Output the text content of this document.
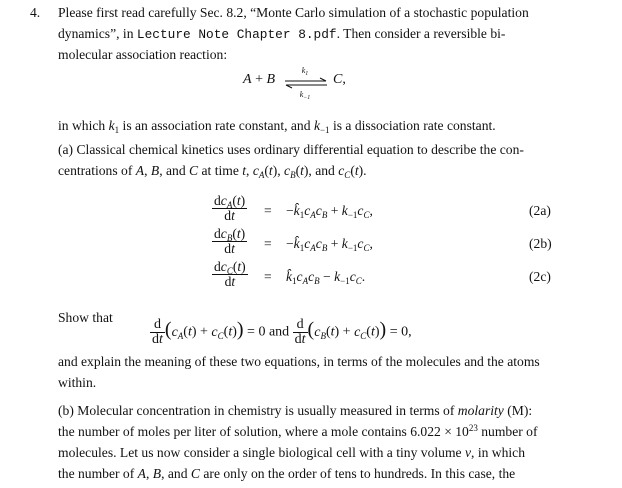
4. Please first read carefully Sec. 8.2, “Monte Carlo simulation of a stochastic population
dynamics”, in Lecture Note Chapter 8.pdf. Then consider a reversible bi-
molecular association reaction:
A + B
$k_1$
$k_{-1}$
C,
in which $k_1$ is an association rate constant, and $k_{-1}$ is a dissociation rate constant.
(a) Classical chemical kinetics uses ordinary differential equation to describe the con-
centrations of A, B, and C at time t, $c_A(t)$, $c_B(t)$, and $c_C(t)$.
$\frac{dc_A(t)}{dt}$ = $-k̂_1c_Ac_B + k_{-1}c_C$,	(2a)
$\frac{dc_B(t)}{dt}$ = $-k̂_1c_Ac_B + k_{-1}c_C$,	(2b)
$\frac{dc_C(t)}{dt}$ = $k̂_1c_Ac_B - k_{-1}c_C$.	(2c)
Show that
$\frac{d}{dt} (c_A(t) + c_C(t)) = 0$ and $\frac{d}{dt} (c_B(t) + c_C(t)) = 0$,
and explain the meaning of these two equations, in terms of the molecules and the atoms
within.
(b) Molecular concentration in chemistry is usually measured in terms of molarity (M):
the number of moles per liter of solution, where a mole contains $6.022 \times 10^{23}$ number of
molecules. Let us now consider a single biological cell with a tiny volume v, in which
the number of A, B, and C are only on the order of tens to hundreds. In this case, the
